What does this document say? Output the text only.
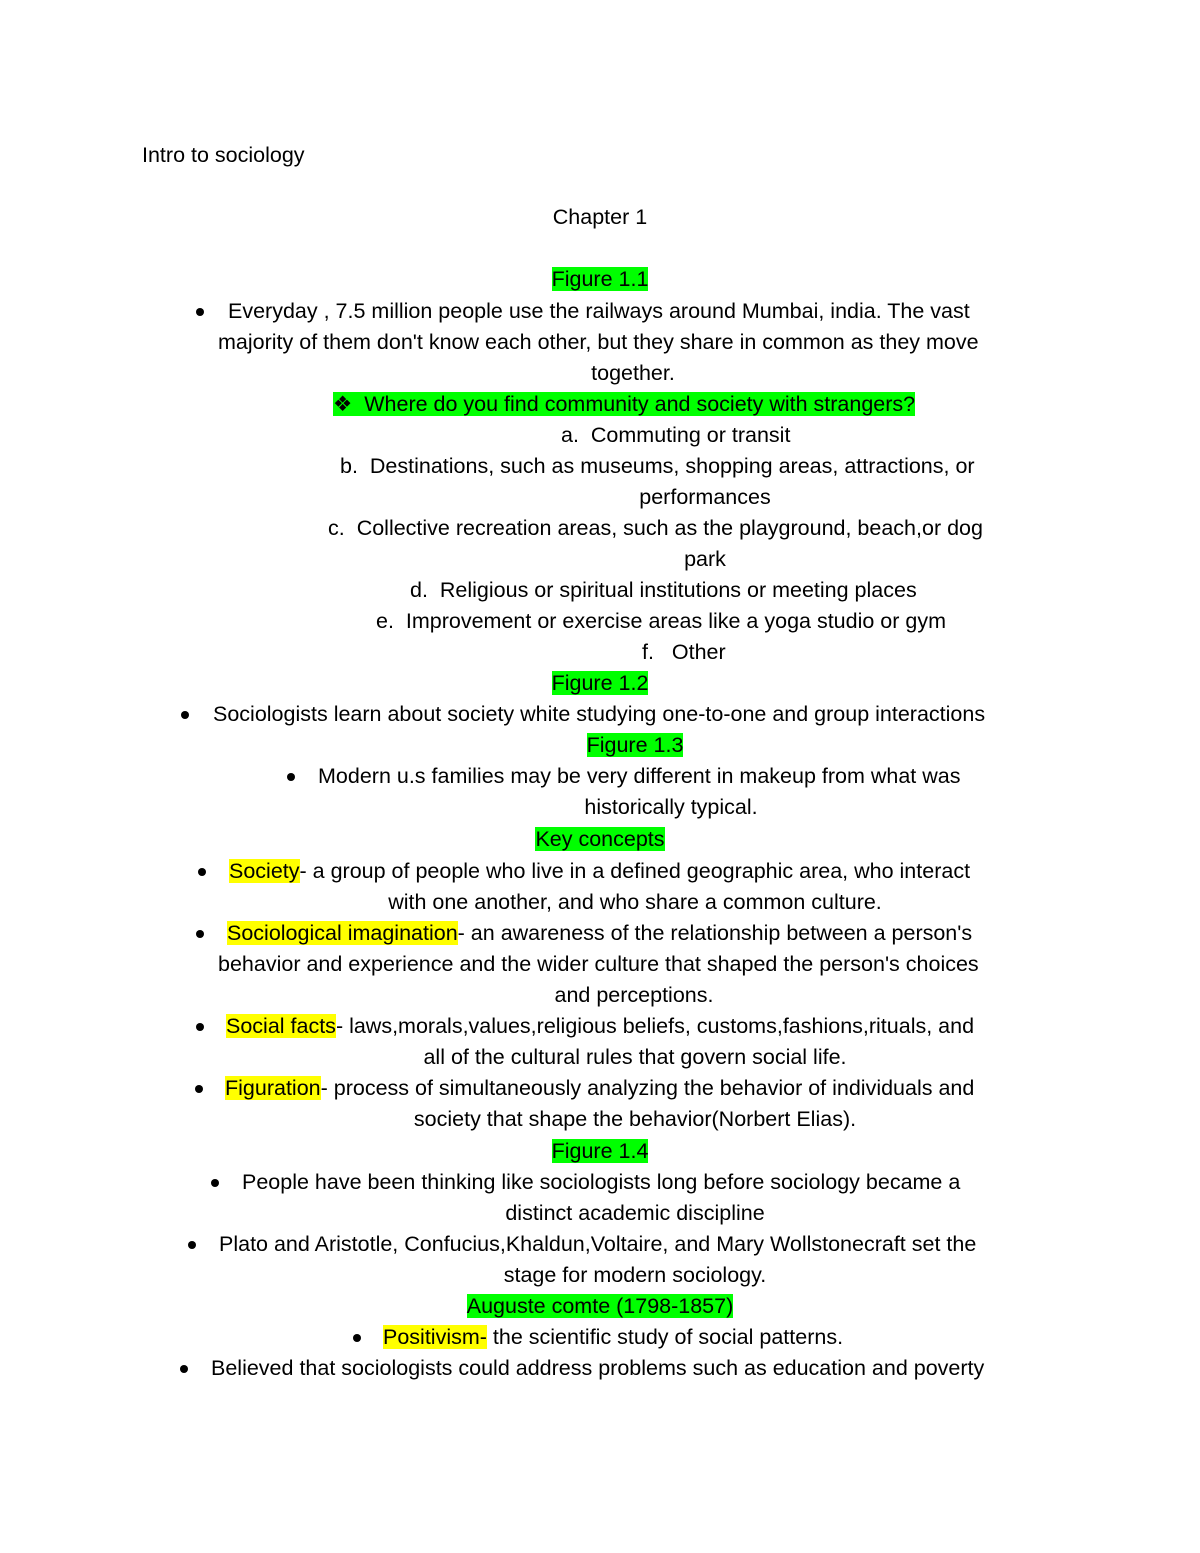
Intro to sociology
Chapter 1
Figure 1.1
Everyday , 7.5 million people use the railways around Mumbai, india. The vast
majority of them don't know each other, but they share in common as they move
together.
❖ Where do you find community and society with strangers?
a. Commuting or transit
b. Destinations, such as museums, shopping areas, attractions, or
performances
c. Collective recreation areas, such as the playground, beach,or dog
park
d. Religious or spiritual institutions or meeting places
e. Improvement or exercise areas like a yoga studio or gym
f. Other
Figure 1.2
Sociologists learn about society white studying one-to-one and group interactions
Figure 1.3
Modern u.s families may be very different in makeup from what was
historically typical.
Key concepts
Society- a group of people who live in a defined geographic area, who interact
with one another, and who share a common culture.
Sociological imagination- an awareness of the relationship between a person's
behavior and experience and the wider culture that shaped the person's choices
and perceptions.
Social facts- laws,morals,values,religious beliefs, customs,fashions,rituals, and
all of the cultural rules that govern social life.
Figuration- process of simultaneously analyzing the behavior of individuals and
society that shape the behavior(Norbert Elias).
Figure 1.4
People have been thinking like sociologists long before sociology became a
distinct academic discipline
Plato and Aristotle, Confucius,Khaldun,Voltaire, and Mary Wollstonecraft set the
stage for modern sociology.
Auguste comte (1798-1857)
Positivism- the scientific study of social patterns.
Believed that sociologists could address problems such as education and poverty
